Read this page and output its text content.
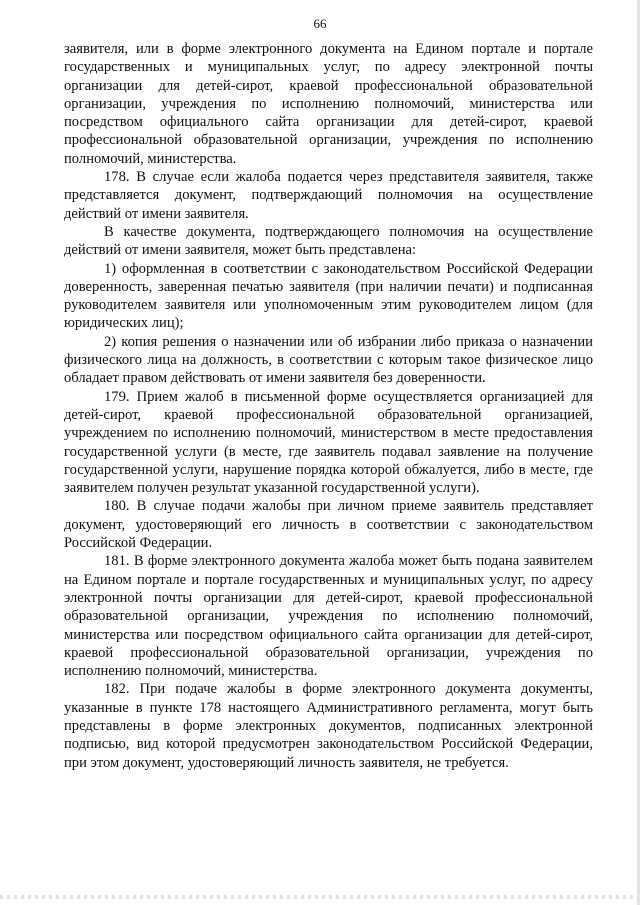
66

заявителя, или в форме электронного документа на Едином портале и портале государственных и муниципальных услуг, по адресу электронной почты организации для детей-сирот, краевой профессиональной образовательной организации, учреждения по исполнению полномочий, министерства или посредством официального сайта организации для детей-сирот, краевой профессиональной образовательной организации, учреждения по исполнению полномочий, министерства.

178. В случае если жалоба подается через представителя заявителя, также представляется документ, подтверждающий полномочия на осуществление действий от имени заявителя.

В качестве документа, подтверждающего полномочия на осуществление действий от имени заявителя, может быть представлена:

1) оформленная в соответствии с законодательством Российской Федерации доверенность, заверенная печатью заявителя (при наличии печати) и подписанная руководителем заявителя или уполномоченным этим руководителем лицом (для юридических лиц);

2) копия решения о назначении или об избрании либо приказа о назначении физического лица на должность, в соответствии с которым такое физическое лицо обладает правом действовать от имени заявителя без доверенности.

179. Прием жалоб в письменной форме осуществляется организацией для детей-сирот, краевой профессиональной образовательной организацией, учреждением по исполнению полномочий, министерством в месте предоставления государственной услуги (в месте, где заявитель подавал заявление на получение государственной услуги, нарушение порядка которой обжалуется, либо в месте, где заявителем получен результат указанной государственной услуги).

180. В случае подачи жалобы при личном приеме заявитель представляет документ, удостоверяющий его личность в соответствии с законодательством Российской Федерации.

181. В форме электронного документа жалоба может быть подана заявителем на Едином портале и портале государственных и муниципальных услуг, по адресу электронной почты организации для детей-сирот, краевой профессиональной образовательной организации, учреждения по исполнению полномочий, министерства или посредством официального сайта организации для детей-сирот, краевой профессиональной образовательной организации, учреждения по исполнению полномочий, министерства.

182. При подаче жалобы в форме электронного документа документы, указанные в пункте 178 настоящего Административного регламента, могут быть представлены в форме электронных документов, подписанных электронной подписью, вид которой предусмотрен законодательством Российской Федерации, при этом документ, удостоверяющий личность заявителя, не требуется.
